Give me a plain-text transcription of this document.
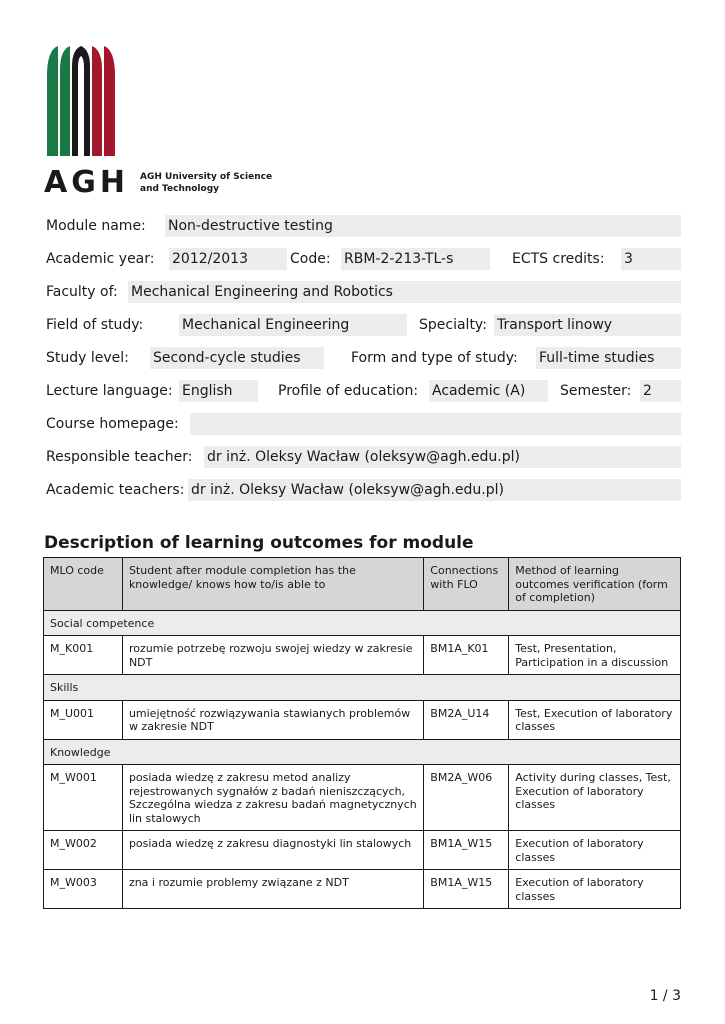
AGH AGH University of Science
and Technology
Module name: Non-destructive testing
Academic year: 2012/2013	Code: RBM-2-213-TL-s	ECTS credits: 3
Faculty of: Mechanical Engineering and Robotics
Field of study:	Mechanical Engineering	Specialty: Transport linowy
Study level: Second-cycle studies	Form and type of study: Full-time studies
Lecture language: English	Profile of education: Academic (A)	Semester: 2
Course homepage:
Responsible teacher: dr inż. Oleksy Wacław (oleksyw@agh.edu.pl)
Academic teachers: dr inż. Oleksy Wacław (oleksyw@agh.edu.pl)
Description of learning outcomes for module
MLO code	Student after module completion has the knowledge/ knows how to/is able to	Connections with FLO	Method of learning outcomes verification (form of completion)
Social competence			
M_K001	rozumie potrzebę rozwoju swojej wiedzy w zakresie NDT	BM1A_K01	Test, Presentation, Participation in a discussion
Skills			
M_U001	umiejętność rozwiązywania stawianych problemów w zakresie NDT	BM2A_U14	Test, Execution of laboratory classes
Knowledge			
M_W001	posiada wiedzę z zakresu metod analizy rejestrowanych sygnałów z badań nieniszczących, Szczególna wiedza z zakresu badań magnetycznych lin stalowych	BM2A_W06	Activity during classes, Test, Execution of laboratory classes
M_W002	posiada wiedzę z zakresu diagnostyki lin stalowych	BM1A_W15	Execution of laboratory classes
M_W003	zna i rozumie problemy związane z NDT	BM1A_W15	Execution of laboratory classes
1 / 3
